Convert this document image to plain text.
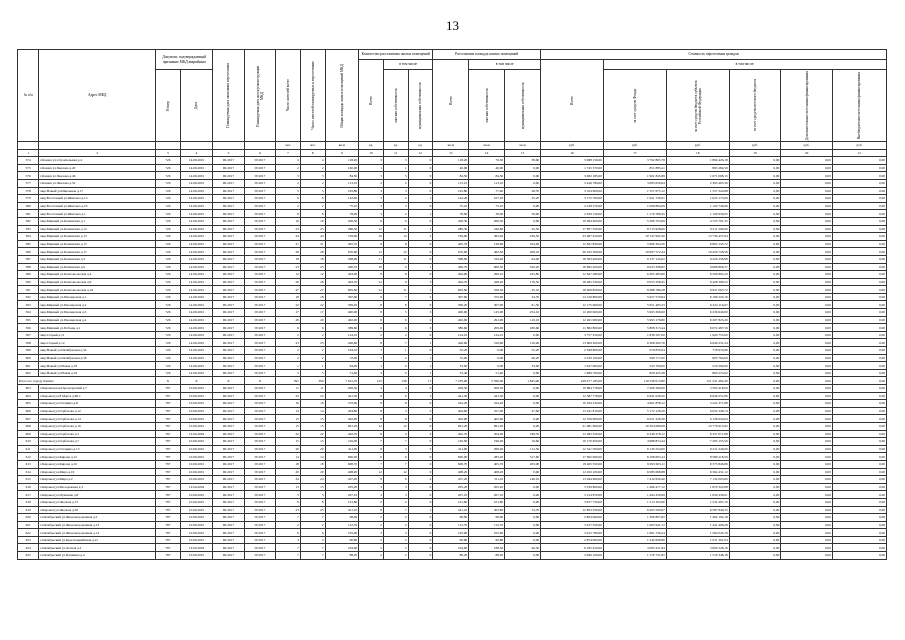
13
№ п/п	Адрес МКД	Документ, подтверждающий признание МКД аварийным		Планируемая дата окончания переселения	Планируемая дата сноса/реконструкции МКД	Число жителей всего	Число жителей планируемых к переселению	Общая площадь жилых помещений МКД	Количество расселяемых жилых помещений			Расселяемая площадь жилых помещений			Стоимость переселения граждан					

									Всего	в том числе		Всего	в том числе		Всего	в том числе:				

		Номер	Дата							частная собственность	муниципальная собственность		частная собственность	муниципальная собственность		за счет средств Фонда	за счет средств бюджета субъекта Российской Федерации	за счет средств местного бюджета	Дополнительные источники финансирования	Внебюджетные источники финансирования

						чел.	чел.	кв.м	ед.	ед.	ед.	кв.м	кв.м	кв.м	руб.	руб.	руб.	руб.	руб.	руб.
1	2	3	4	5	6	7	8	9	10	11	12	13	14	15	16	17	18	19	20	21
574	г.Канаш ул.Строительная д.4	726	14.09.2001	III.2017	IV.2017	4	4	118,20	3	3	0	118,20	79,50	38,60	5 688 156,00	3 792 865,78	1 894 426,18	0,00	0,00	0,00
575	г.Канаш ул.Чкалова д.20	726	14.09.2001	III.2017	IV.2017	2	2	100,00	1	1	0	40,00	40,00	0,00	1 745 370,00	851 885,41	893 284,59	0,00	0,00	0,00
576	г.Канаш ул.Чкалова д.46	726	14.09.2001	III.2017	IV.2017	3	3	84,50	3	3	0	84,50	84,50	0,00	3 682 185,00	1 901 845,89	1 671 098,15	0,00	0,00	0,00
577	г.Канаш ул.Чкалова д.52	726	14.09.2001	III.2017	IV.2017	2	2	113,10	2	2	0	113,10	113,10	0,00	5 449 789,00	3 083 650,64	2 365 465,36	0,00	0,00	0,00
578	мкр.Новый ул.Школьная д.17	726	14.09.2001	III.2017	IV.2017	5	5	105,80	3	3	0	105,80	77,40	28,70	3 104 900,00	1 557 675,12	1 557 224,88	0,00	0,00	0,00
579	мкр.Восточный ул.Шкетана д.15	726	14.09.2001	III.2017	IV.2017	6	6	142,40	3	2	1	142,40	107,20	35,20	3 175 700,00	1 641 726,91	1 623 173,09	0,00	0,00	0,00
580	мкр.Восточный ул.Шкетана д.23	726	14.09.2001	III.2017	IV.2017	2	2	75,10	3	3	0	75,10	75,10	0,00	2 228 370,00	1 099 894,09	1 120 740,96	0,00	0,00	0,00
581	мкр.Восточный ул.Шкетана д.1	726	14.09.2001	III.2017	IV.2017	8	8	78,90	3	2	1	78,90	39,00	39,90	2 299 120,00	1 170 789,45	1 129 930,05	0,00	0,00	0,00
582	мкр.Мирный ул.Канашская д.1	726	14.09.2001	III.2017	IV.2017	10	10	206,30	6	6	0	206,30	206,30	0,00	10 094 400,00	5 369 703,69	4 723 791,35	0,00	0,00	0,00
583	мкр.Мирный ул.Канашская д.12	726	14.09.2001	III.2017	IV.2017	23	23	286,30	12	11	1	286,30	240,80	45,50	17 857 350,00	8 715 928,00	9 211 296,90	0,00	0,00	0,00
584	мкр.Мирный ул.Канашская д.13	726	14.09.2001	III.2017	IV.2017	44	44	729,90	16	14	2	729,90	493,40	236,50	23 487 450,00	10 747 992,36	12 739 457,64	0,00	0,00	0,00
585	мкр.Мирный ул.Канашская д.15	726	14.09.2001	III.2017	IV.2017	21	21	405,70	8	8	0	405,70	128,60	164,20	12 821 830,00	5 996 304,30	6 863 145,72	0,00	0,00	0,00
586	мкр.Мирный ул.Канашская д.17	726	14.09.2001	III.2017	IV.2017	28	28	670,60	12	12	0	670,60	462,50	208,10	26 433 300,00	19 997 572,44	16 459 728,56	0,00	0,00	0,00
587	мкр.Мирный ул.Канашская д.3	726	14.09.2001	III.2017	IV.2017	18	18	598,90	11	11	0	598,90	534,40	64,40	18 363 400,00	9 137 145,02	9 226 258,98	0,00	0,00	0,00
588	мкр.Мирный ул.Канашская д.9	726	14.09.2001	III.2017	IV.2017	23	23	406,70	10	9	1	406,70	606,50	100,20	18 692 200,00	9 023 398,82	9 668 806,37	0,00	0,00	0,00
589	мкр.Мирный ул.Комсомольская д.4	726	14.09.2001	III.2017	IV.2017	12	12	404,90	8	8	0	404,90	299,10	105,80	12 827 280,00	6 305 485,80	6 506 802,20	0,00	0,00	0,00
590	мкр.Мирный ул.Комсомольская д.9	726	14.09.2001	III.2017	IV.2017	26	26	404,70	12	9	3	404,70	428,20	176,50	18 482 330,00	9 053 358,45	9 428 396,52	0,00	0,00	0,00
591	мкр.Мирный ул.Комсомольская д.16	726	14.09.2001	III.2017	IV.2017	27	27	605,60	12	11	1	605,60	558,50	45,10	18 409 850,00	8 488 786,28	9 921 063,72	0,00	0,00	0,00
592	мкр.Мирный ул.Пионерская д.1	726	14.09.2001	III.2017	IV.2017	18	18	397,60	9	7	2	397,60	372,90	24,70	12 126 800,00	5 927 579,84	6 199 220,16	0,00	0,00	0,00
593	мкр.Мирный ул.Пионерская д.2	726	14.09.2001	III.2017	IV.2017	22	22	399,20	8	8	0	399,20	307,90	91,30	12 175 600,00	5 951 483,33	6 224 116,67	0,00	0,00	0,00
594	мкр.Мирный ул.Пионерская д.3	726	14.09.2001	III.2017	IV.2017	17	17	400,00	8	5	3	400,00	145,90	254,10	12 200 000,00	5 963 360,00	6 236 640,00	0,00	0,00	0,00
595	мкр.Мирный ул.Пионерская д.4	726	14.09.2001	III.2017	IV.2017	20	20	402,00	8	6	2	402,00	291,90	110,10	12 261 000,00	5 993 176,80	6 267 823,20	0,00	0,00	0,00
596	мкр.Мирный ул.Победы д.1	726	14.09.2001	III.2017	IV.2017	9	9	389,60	6	6	0	389,60	209,00	180,60	11 882 800,00	5 808 313,44	6 074 487,56	0,00	0,00	0,00
597	мкр.Старый д.11	726	14.09.2001	III.2017	IV.2017	2	2	124,10	2	2	0	124,10	124,10	0,00	3 757 250,00	1 836 597,00	1 920 753,00	0,00	0,00	0,00
598	мкр.Старый д.12	726	14.09.2001	III.2017	IV.2017	23	23	426,60	8	7	1	426,60	316,60	110,00	13 609 200,00	6 308 292,76	6 649 231,24	0,00	0,00	0,00
599	мкр.Новый ул.Октябрьская д.34	726	14.09.2001	III.2017	IV.2017	2	2	104,10	1	1	0	52,20	0,00	52,20	2 398 800,00	679 835,04	718 974,96	0,00	0,00	0,00
600	мкр.Новый ул.Октябрьская д.36	726	14.09.2001	III.2017	IV.2017	2	2	72,00	3	2	1	72,00	0,00	40,20	2 220 100,00	399 717,00	605 764,00	0,00	0,00	0,00
601	мкр.Новый ул.Новая д.10	726	14.09.2001	III.2017	IV.2017	1	1	64,00	1	0	1	33,00	0,00	33,00	1 047 000,00	525 706,00	519 294,00	0,00	0,00	0,00
602	мкр.Новый ул.Новая д.16	726	14.09.2001	III.2017	IV.2017	3	3	51,40	3	0	1	53,40	51,40	0,00	1 689 700,00	829 425,38	860 274,62	0,00	0,00	0,00
Итого по городу Канаш:		X	X	X	X	391	390	7 612,70	155	138	17	7 235,90	5 390,00	1 845,90	229 477 185,00	110 536 013,80	121 541 462,40	0,00	0,00	0,00
603	г.Кировец пер.Пролетарский д.7	787	10.09.2001	III.2017	IV.2017	11	11	209,50	4	4	0	209,50	209,50	0,00	10 864 778,00	7 269 360,00	3 595 418,00	0,00	0,00	0,00
604	г.Кировец ул.8 Марта д.68 а	787	10.09.2001	III.2017	IV.2017	22	22	441,50	9	6	3	441,50	441,50	0,00	12 587 778,00	6 641 026,20	6 946 251,80	0,00	0,00	0,00
605	г.Кировец ул.Гагарина д.8	787	10.09.2001	III.2017	IV.2017	16	16	372,90	8	8	0	324,20	324,20	0,00	10 184 230,00	4 961 858,12	5 222 371,88	0,00	0,00	0,00
606	г.Кировец ул.Горбатова д.12	787	10.09.2001	III.2017	IV.2017	14	14	404,60	8	3	5	404,60	357,00	47,60	13 241 810,00	5 172 126,26	6 052 246,74	0,00	0,00	0,00
607	г.Кировец ул.Горбатова д.14	787	10.09.2001	III.2017	IV.2017	15	15	402,90	8	8	0	402,90	402,90	0,00	12 559 900,00	6 051 226,36	6 128 634,64	0,00	0,00	0,00
608	г.Кировец ул.Горбатова д.16	787	10.09.2001	III.2017	IV.2017	15	15	691,20	12	12	0	691,20	691,20	0,00	21 081 600,00	10 304 686,08	10 776 913,92	0,00	0,00	0,00
609	г.Кировец ул.Горбатова д.3	787	12.04.2004	III.2017	IV.2017	22	22	402,70	8	4	4	402,70	204,00	198,70	12 282 350,00	6 349 278,12	6 337 071,88	0,00	0,00	0,00
610	г.Кировец ул.Горбатова д.7	787	10.09.2001	III.2017	IV.2017	15	15	216,00	7	7	0	216,00	196,40	19,60	10 170 650,00	4 988 874,44	7 295 155,56	0,00	0,00	0,00
611	г.Кировец ул.Гагарина д.13	787	10.09.2001	III.2017	IV.2017	20	20	411,90	8	3	5	411,90	299,40	112,50	12 541 500,00	6 130 254,00	6 411 246,00	0,00	0,00	0,00
612	г.Кировец ул.Кирова д.12	787	10.09.2001	III.2017	IV.2017	14	14	600,00	6	6	0	600,00	283,20	317,60	17 692 000,00	8 108 605,44	8 580 218,56	0,00	0,00	0,00
613	г.Кировец ул.Кирова д.16	787	10.09.2001	III.2017	IV.2017	18	18	608,70	7	7	0	608,70	405,70	203,00	18 465 350,00	9 093 603,11	9 373 846,89	0,00	0,00	0,00
614	г.Кировец ул.Мира д.19	787	10.09.2001	III.2017	IV.2017	20	20	408,20	12	12	0	408,20	408,20	0,00	12 450 100,00	6 085 668,88	6 364 431,12	0,00	0,00	0,00
615	г.Кировец ул.Мира д.2	787	10.09.2001	III.2017	IV.2017	24	24	457,20	8	6	2	457,20	311,10	146,10	13 944 600,00	7 412 656,40	7 132 003,60	0,00	0,00	0,00
616	г.Кировец ул.Молодежная д.3	787	12.04.2004	III.2017	IV.2017	13	13	205,20	3	3	0	205,20	205,20	0,00	3 339 800,00	1 469 477,12	1 870 322,88	0,00	0,00	0,00
617	г.Кировец ул.Пушкина д.8	787	10.09.2001	III.2017	IV.2017	3	3	207,10	3	3	0	207,10	207,10	0,00	3 124 870,00	1 494 430,99	1 630 439,01	0,00	0,00	0,00
618	г.Кировец ул.Чкалова д.15	787	10.09.2001	III.2017	IV.2017	8	8	101,80	2	2	0	101,80	101,80	0,00	3 057 750,00	1 513 302,90	1 532 497,10	0,00	0,00	0,00
619	г.Кировец ул.Чкалова д.30	787	10.09.2001	III.2017	IV.2017	23	23	421,10	8	7	1	421,10	303,80	74,70	12 853 350,00	6 265 500,67	6 587 849,33	0,00	0,00	0,00
620	г.Октябрьский ул.Железнодорожная д.2	787	10.09.2001	III.2017	IV.2017	7	7	98,00	2	2	0	98,00	98,00	0,00	2 863 000,00	1 306 807,82	1 462 192,18	0,00	0,00	0,00
621	г.Октябрьский ул.Железнодорожная д.13	787	10.09.2001	III.2017	IV.2017	2	2	112,70	2	2	0	112,70	112,70	0,00	3 437 350,00	1 695 941,72	1 441 408,28	0,00	0,00	0,00
622	г.Октябрьский ул.Железнодорожная д.14	787	10.09.2001	III.2017	IV.2017	6	6	105,90	3	3	0	105,90	105,90	0,00	3 225 780,00	1 661 736,24	1 564 043,76	0,00	0,00	0,00
623	г.Октябрьский ул.Красноармейская д.15	787	10.09.2001	III.2017	IV.2017	3	3	90,80	2	2	0	90,80	90,80	0,00	2 854 000,00	1 242 608,96	1 611 391,04	0,00	0,00	0,00
624	г.Октябрьский ул.Лесная д.2	787	12.04.2004	III.2017	IV.2017	7	7	234,60	5	5	0	234,60	188,30	46,30	6 185 450,00	3 095 221,84	3 090 228,16	0,00	0,00	0,00
625	г.Октябрьский ул.Пушкина д.4	787	10.09.2001	III.2017	IV.2017	7	7	88,20	2	2	0	88,20	88,20	0,00	2 690 100,00	1 170 751,82	1 519 348,18	0,00	0,00	0,00
